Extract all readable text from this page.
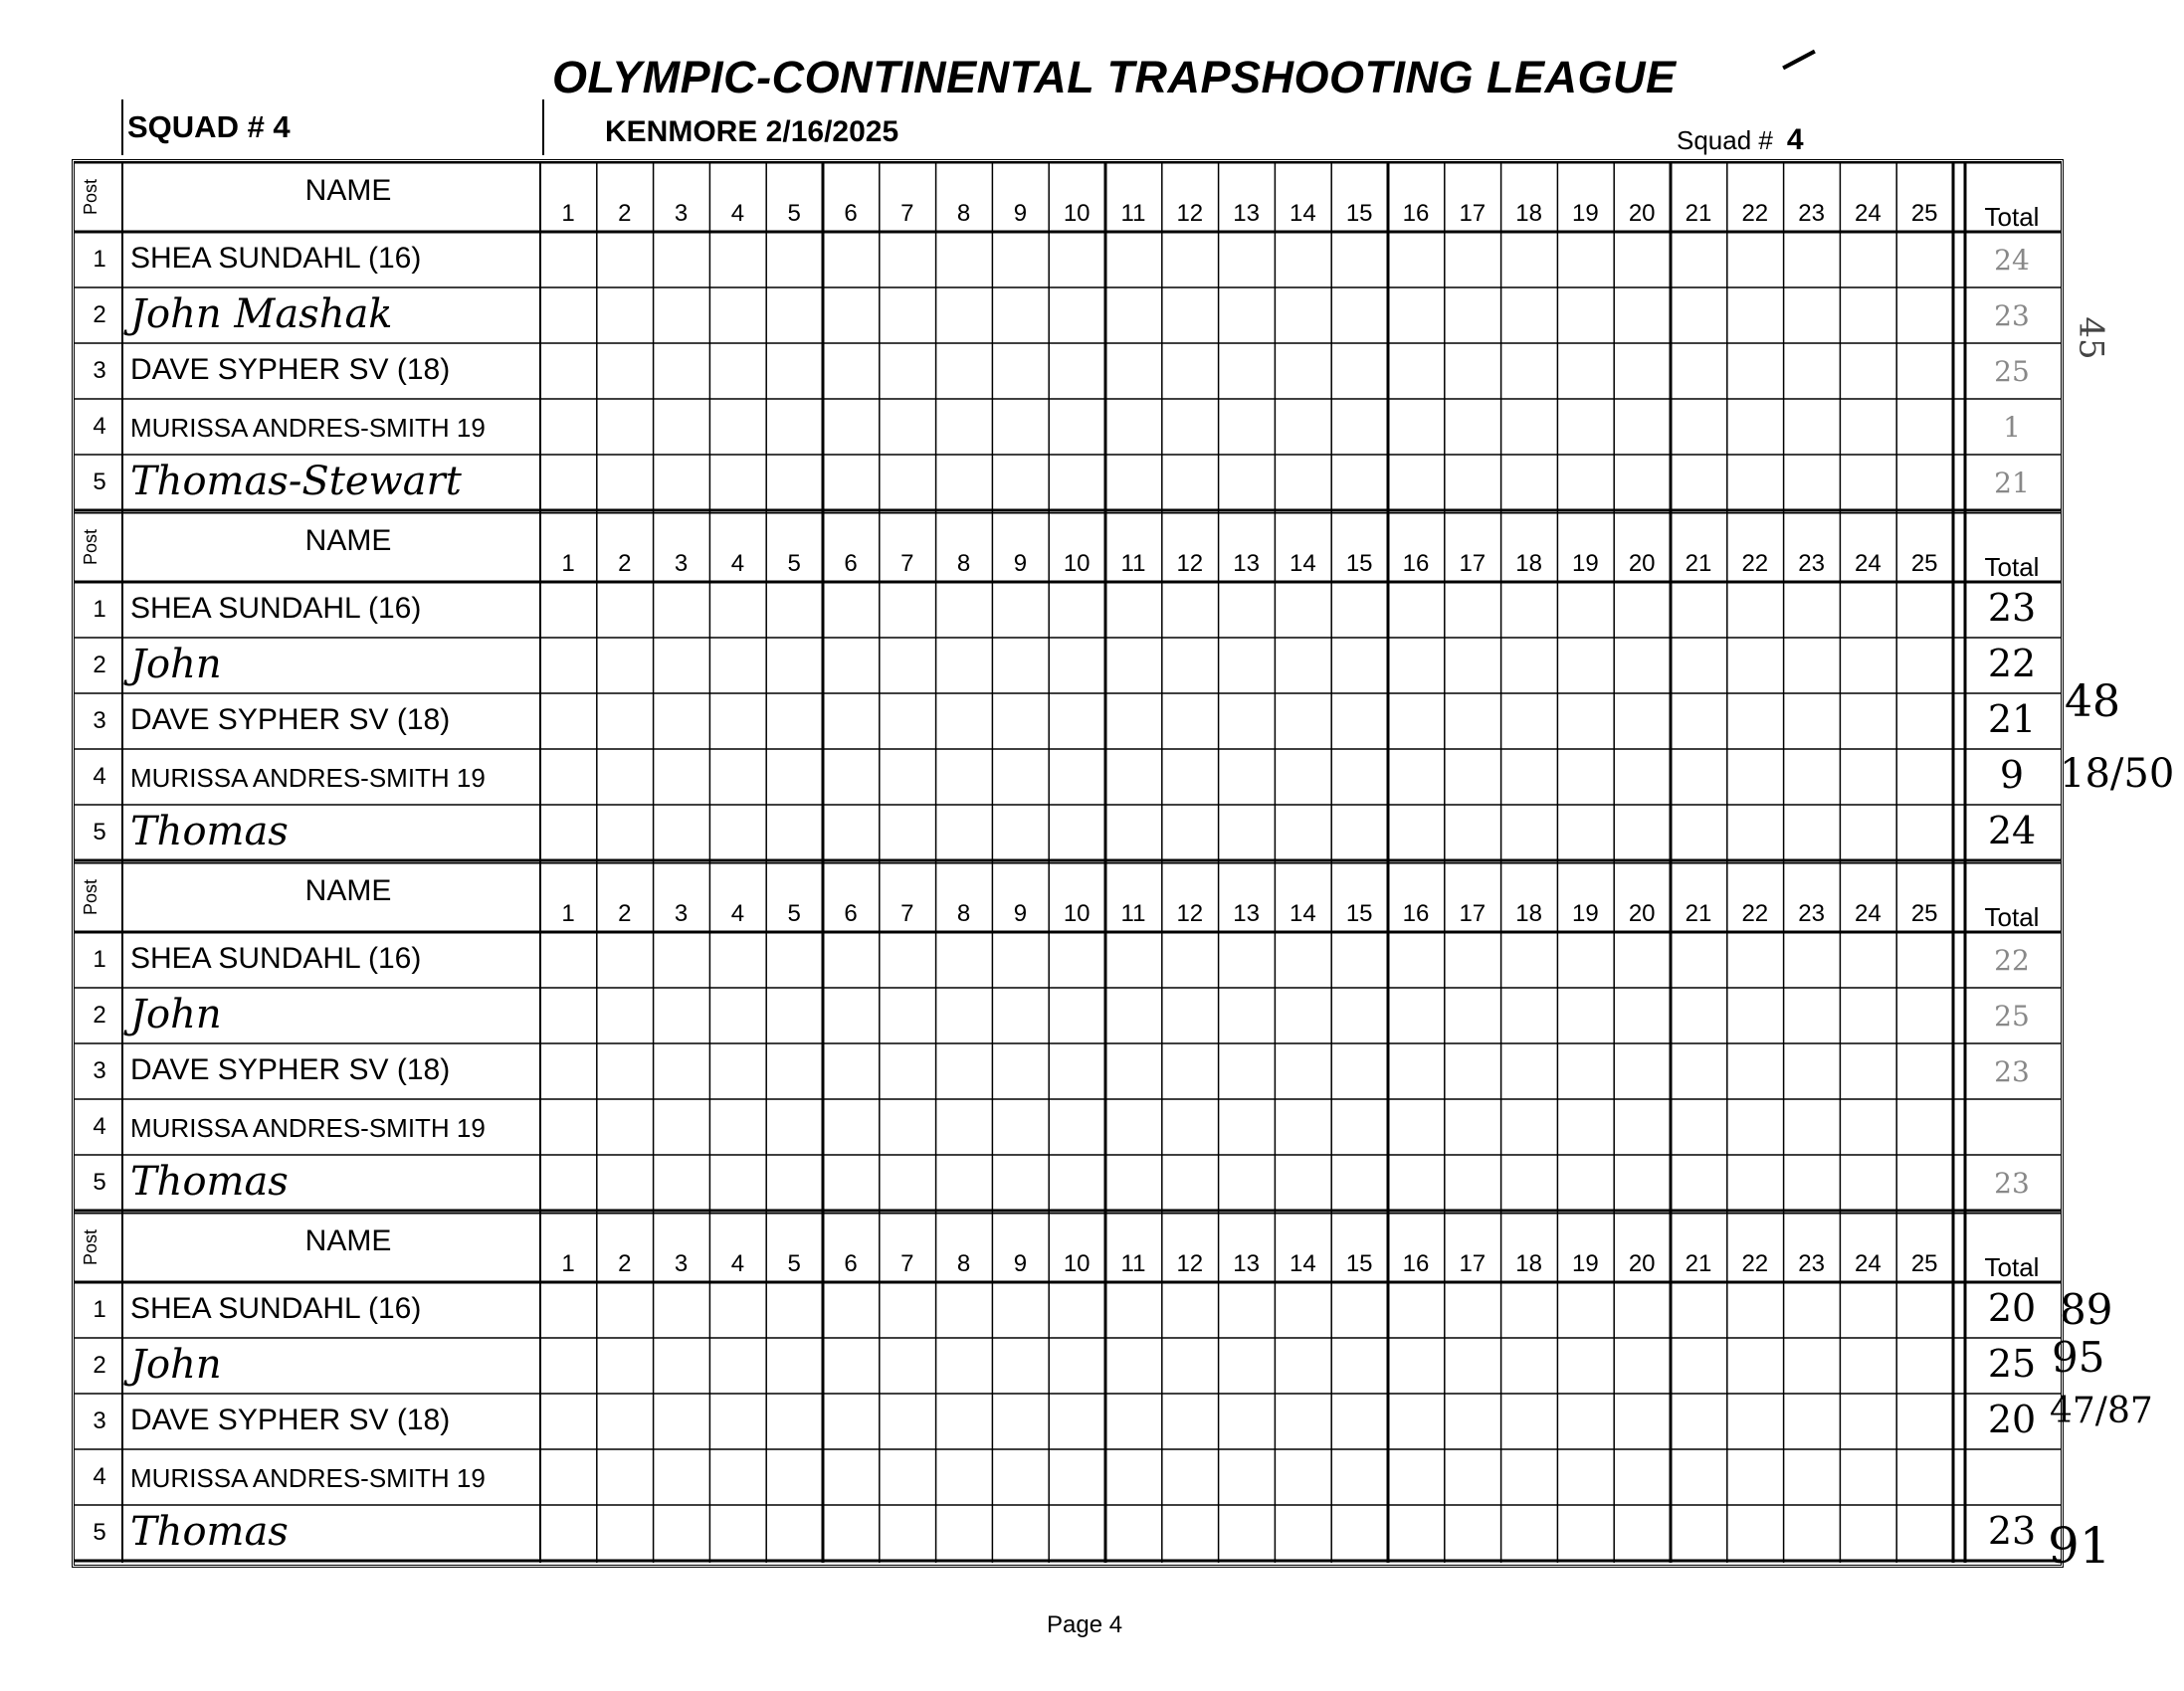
OLYMPIC-CONTINENTAL TRAPSHOOTING LEAGUE
SQUAD # 4	KENMORE 2/16/2025	Squad # 4
Post	NAME
1	2	3	4	5	6	7	8	9	10	11	12	13	14	15	16	17	18	19	20	21	22	23	24	25	Total
1 SHEA SUNDAHL (16)	24
2 John Mashak	23
3 DAVE SYPHER SV (18)	25
4 MURISSA ANDRES-SMITH 19	1
5 Thomas-Stewart	21
Post	NAME
1	2	3	4	5	6	7	8	9	10	11	12	13	14	15	16	17	18	19	20	21	22	23	24	25	Total
1 SHEA SUNDAHL (16)	23
2 John	22
3 DAVE SYPHER SV (18)	21
4 MURISSA ANDRES-SMITH 19	9
5 Thomas	24
Post	NAME
1	2	3	4	5	6	7	8	9	10	11	12	13	14	15	16	17	18	19	20	21	22	23	24	25	Total
1 SHEA SUNDAHL (16)	22
2 John	25
3 DAVE SYPHER SV (18)	23
4 MURISSA ANDRES-SMITH 19
5 Thomas	23
Post	NAME
1	2	3	4	5	6	7	8	9	10	11	12	13	14	15	16	17	18	19	20	21	22	23	24	25	Total
1 SHEA SUNDAHL (16)	20
2 John	25
3 DAVE SYPHER SV (18)	20
4 MURISSA ANDRES-SMITH 19
5 Thomas	23
45
48
18/50
89
95
47/87
91
Page 4
